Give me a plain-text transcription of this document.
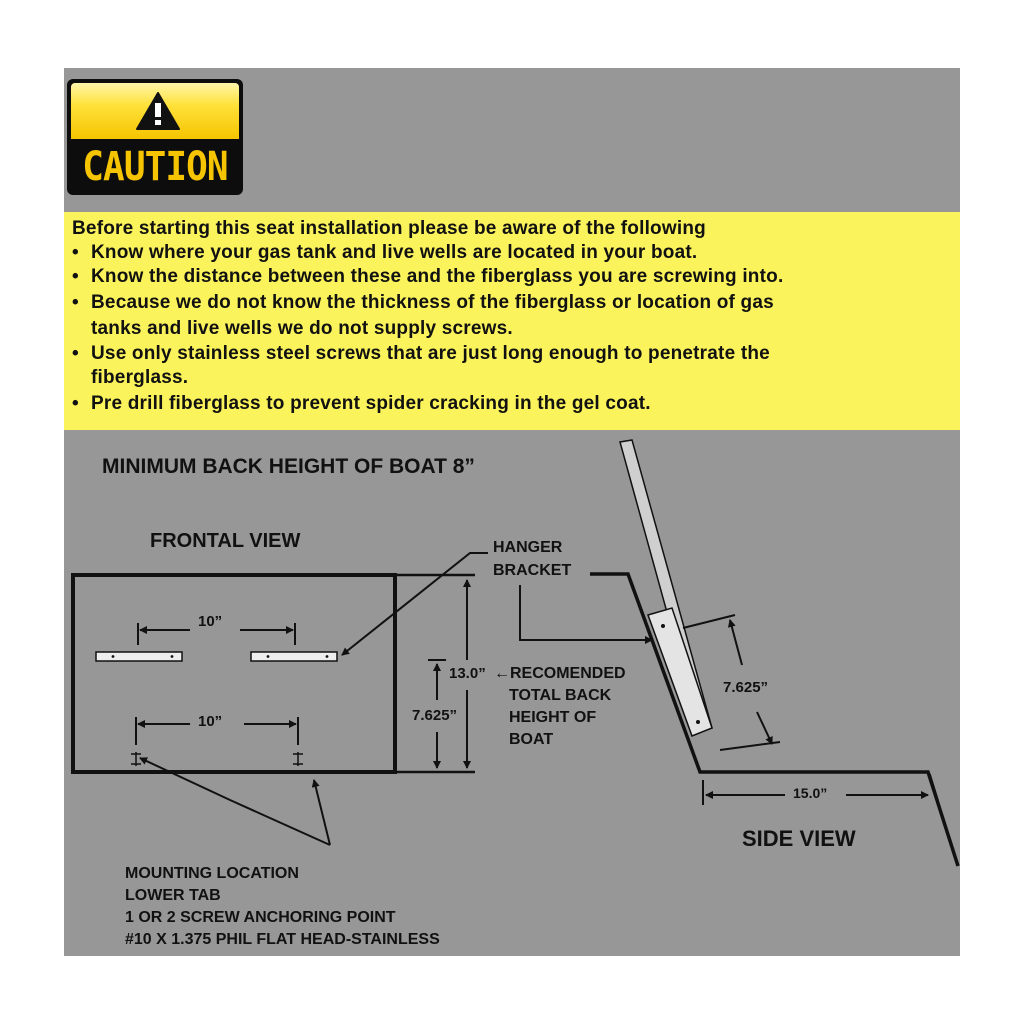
CAUTION
Before starting this seat installation please be aware of the following
• Know where your gas tank and live wells are located in your boat.
• Know the distance between these and the fiberglass you are screwing into.
• Because we do not know the thickness of the fiberglass or location of gas
tanks and live wells we do not supply screws.
• Use only stainless steel screws that are just long enough to penetrate the
fiberglass.
• Pre drill fiberglass to prevent spider cracking in the gel coat.
MINIMUM BACK HEIGHT OF BOAT 8”
FRONTAL VIEW
SIDE VIEW
HANGER
BRACKET
10”
10”
13.0” ←RECOMENDED
TOTAL BACK
HEIGHT OF
BOAT
7.625”
7.625”
15.0”
MOUNTING LOCATION
LOWER TAB
1 OR 2 SCREW ANCHORING POINT
#10 X 1.375 PHIL FLAT HEAD-STAINLESS
